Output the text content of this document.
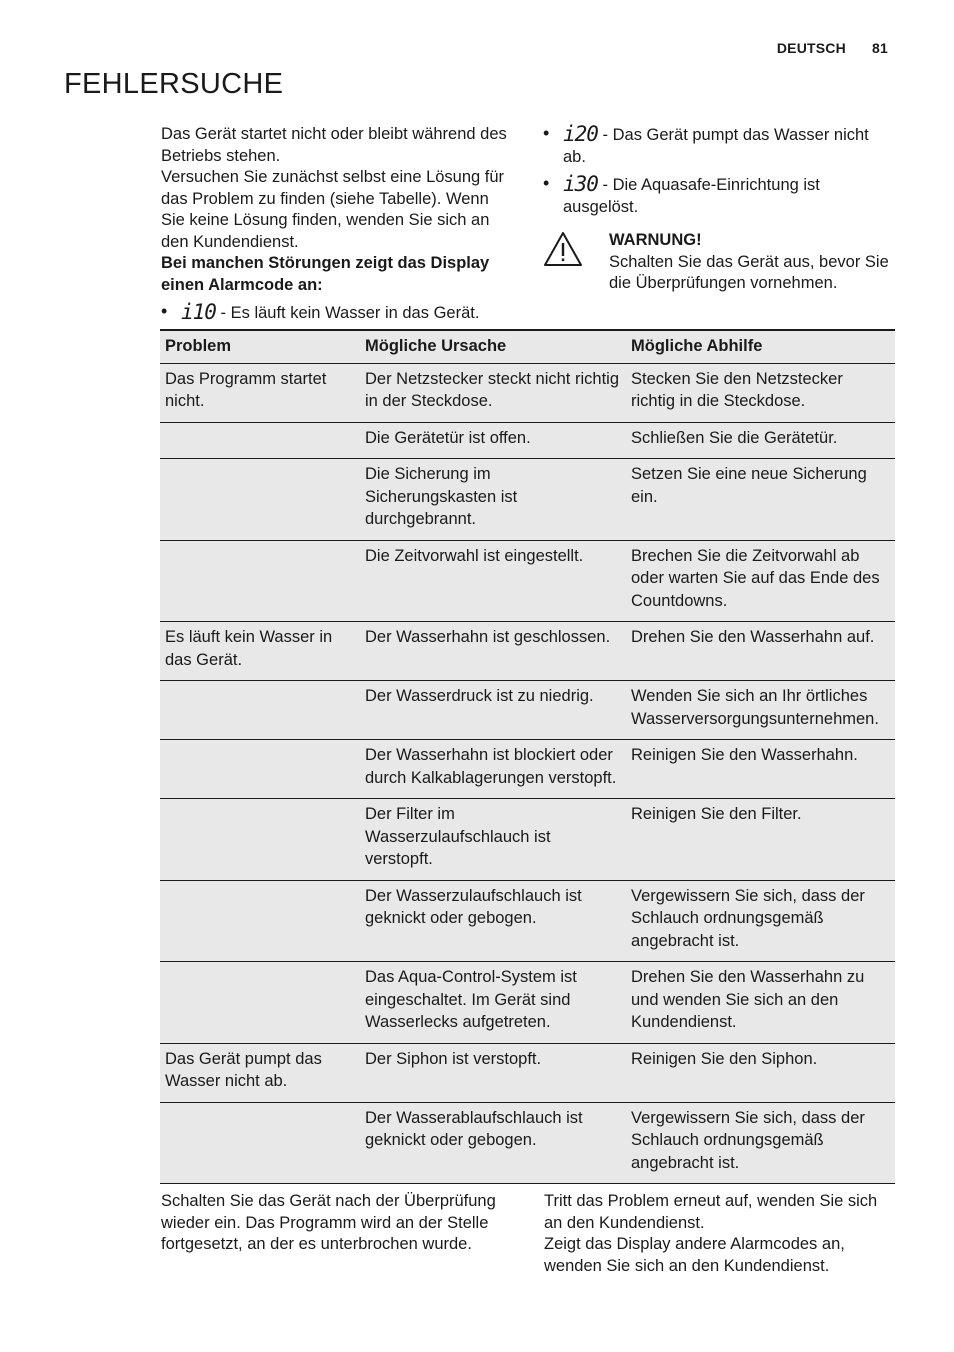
DEUTSCH 81
FEHLERSUCHE

Das Gerät startet nicht oder bleibt während des Betriebs stehen.

Versuchen Sie zunächst selbst eine Lösung für das Problem zu finden (siehe Tabelle). Wenn Sie keine Lösung finden, wenden Sie sich an den Kundendienst.

Bei manchen Störungen zeigt das Display einen Alarmcode an:

• i10 - Es läuft kein Wasser in das Gerät.
• i20 - Das Gerät pumpt das Wasser nicht ab.
• i30 - Die Aquasafe-Einrichtung ist ausgelöst.
WARNUNG!
Schalten Sie das Gerät aus, bevor Sie die Überprüfungen vornehmen.
Problem	Mögliche Ursache	Mögliche Abhilfe
Das Programm startet nicht.	Der Netzstecker steckt nicht richtig in der Steckdose.	Stecken Sie den Netzstecker richtig in die Steckdose.
	Die Gerätetür ist offen.	Schließen Sie die Gerätetür.
	Die Sicherung im Sicherungskasten ist durchgebrannt.	Setzen Sie eine neue Sicherung ein.
	Die Zeitvorwahl ist eingestellt.	Brechen Sie die Zeitvorwahl ab oder warten Sie auf das Ende des Countdowns.
Es läuft kein Wasser in das Gerät.	Der Wasserhahn ist geschlossen.	Drehen Sie den Wasserhahn auf.
	Der Wasserdruck ist zu niedrig.	Wenden Sie sich an Ihr örtliches Wasserversorgungsunternehmen.
	Der Wasserhahn ist blockiert oder durch Kalkablagerungen verstopft.	Reinigen Sie den Wasserhahn.
	Der Filter im Wasserzulaufschlauch ist verstopft.	Reinigen Sie den Filter.
	Der Wasserzulaufschlauch ist geknickt oder gebogen.	Vergewissern Sie sich, dass der Schlauch ordnungsgemäß angebracht ist.
	Das Aqua-Control-System ist eingeschaltet. Im Gerät sind Wasserlecks aufgetreten.	Drehen Sie den Wasserhahn zu und wenden Sie sich an den Kundendienst.
Das Gerät pumpt das Wasser nicht ab.	Der Siphon ist verstopft.	Reinigen Sie den Siphon.
	Der Wasserablaufschlauch ist geknickt oder gebogen.	Vergewissern Sie sich, dass der Schlauch ordnungsgemäß angebracht ist.

Schalten Sie das Gerät nach der Überprüfung wieder ein. Das Programm wird an der Stelle fortgesetzt, an der es unterbrochen wurde.

Tritt das Problem erneut auf, wenden Sie sich an den Kundendienst.
Zeigt das Display andere Alarmcodes an, wenden Sie sich an den Kundendienst.
